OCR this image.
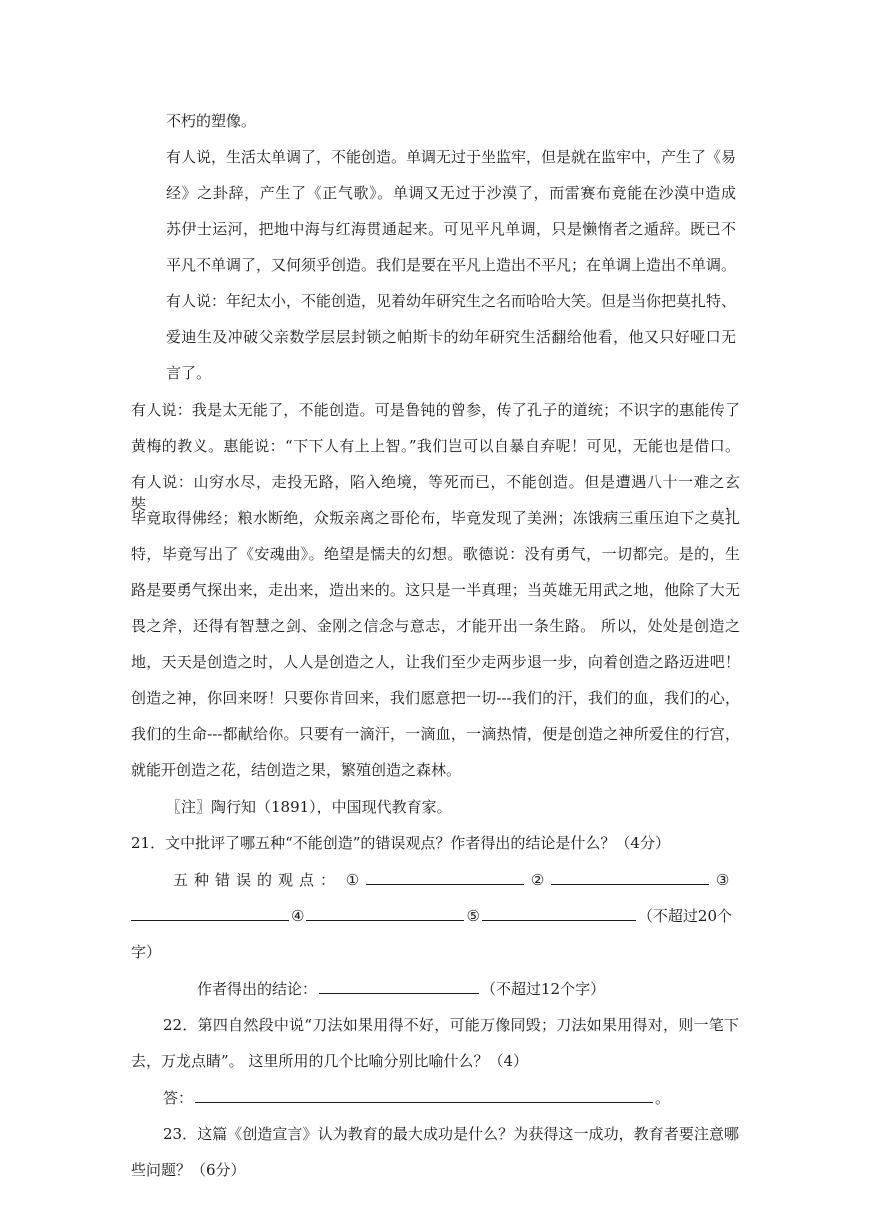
不朽的塑像。
有人说，生活太单调了，不能创造。单调无过于坐监牢，但是就在监牢中，产生了《易
经》之卦辞，产生了《正气歌》。单调又无过于沙漠了，而雷赛布竟能在沙漠中造成
苏伊士运河，把地中海与红海贯通起来。可见平凡单调，只是懒惰者之遁辞。既已不
平凡不单调了，又何须乎创造。我们是要在平凡上造出不平凡；在单调上造出不单调。
有人说：年纪太小，不能创造，见着幼年研究生之名而哈哈大笑。但是当你把莫扎特、
爱迪生及冲破父亲数学层层封锁之帕斯卡的幼年研究生活翻给他看，他又只好哑口无
言了。
有人说：我是太无能了，不能创造。可是鲁钝的曾参，传了孔子的道统；不识字的惠能传了
黄梅的教义。惠能说：“下下人有上上智。”我们岂可以自暴自弃呢！可见，无能也是借口。
有人说：山穷水尽，走投无路，陷入绝境，等死而已，不能创造。但是遭遇八十一难之玄奘，
毕竟取得佛经；粮水断绝，众叛亲离之哥伦布，毕竟发现了美洲；冻饿病三重压迫下之莫扎
特，毕竟写出了《安魂曲》。绝望是懦夫的幻想。歌德说：没有勇气，一切都完。是的，生
路是要勇气探出来，走出来，造出来的。这只是一半真理；当英雄无用武之地，他除了大无
畏之斧，还得有智慧之剑、金刚之信念与意志，才能开出一条生路。 所以，处处是创造之
地，天天是创造之时，人人是创造之人，让我们至少走两步退一步，向着创造之路迈进吧！
创造之神，你回来呀！只要你肯回来，我们愿意把一切---我们的汗，我们的血，我们的心，
我们的生命---都献给你。只要有一滴汗，一滴血，一滴热情，便是创造之神所爱住的行宫，
就能开创造之花，结创造之果，繁殖创造之森林。
〖注〗陶行知（1891），中国现代教育家。
21．文中批评了哪五种“不能创造”的错误观点？作者得出的结论是什么？（4分）
五种错误的观点： ①	②	③
④	⑤	（不超过20个
字）
作者得出的结论：	（不超过12个字）
22．第四自然段中说“刀法如果用得不好，可能万像同毁；刀法如果用得对，则一笔下
去，万龙点睛”。 这里所用的几个比喻分别比喻什么？（4）
答：	。
23．这篇《创造宣言》认为教育的最大成功是什么？为获得这一成功，教育者要注意哪
些问题？（6分）
